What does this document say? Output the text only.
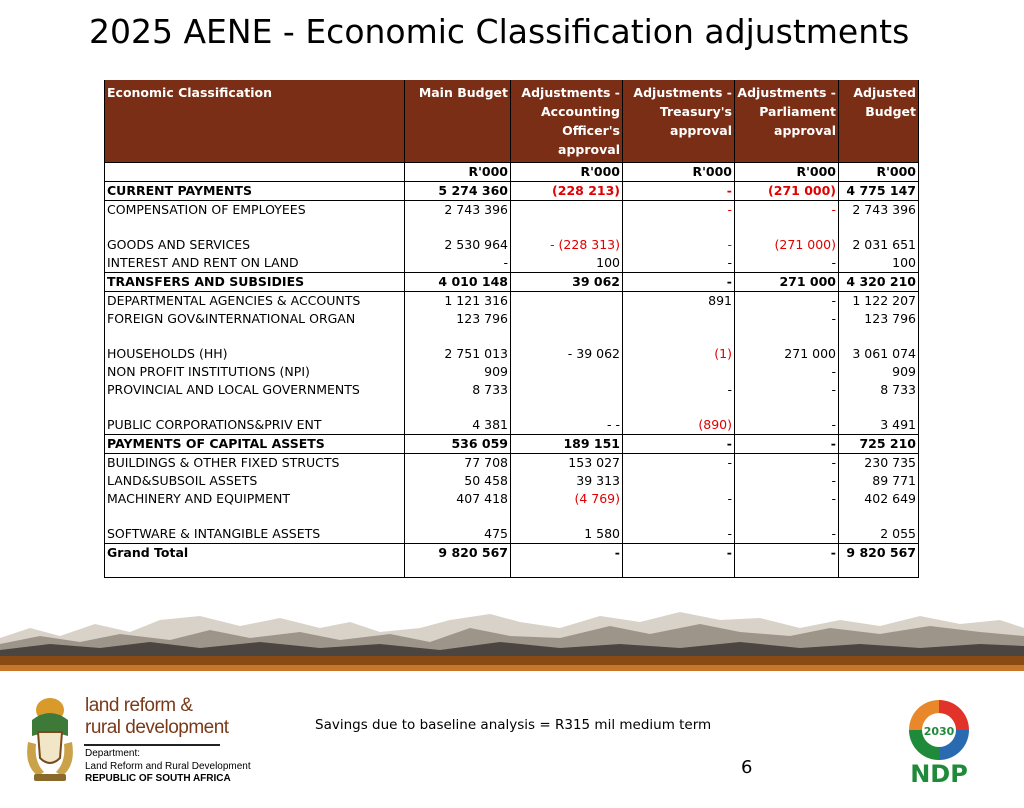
2025 AENE - Economic Classification adjustments
Economic Classification	Main Budget	Adjustments - Accounting Officer's approval	Adjustments - Treasury's approval	Adjustments - Parliament approval	Adjusted Budget
	R'000	R'000	R'000	R'000	R'000
CURRENT PAYMENTS	5 274 360	(228 213)	-	(271 000)	4 775 147
COMPENSATION OF EMPLOYEES	2 743 396		-	-	2 743 396
GOODS AND SERVICES	2 530 964	- (228 313)	-	(271 000)	2 031 651
INTEREST AND RENT ON LAND	-	100	-	-	100
TRANSFERS AND SUBSIDIES	4 010 148	39 062	-	271 000	4 320 210
DEPARTMENTAL AGENCIES & ACCOUNTS	1 121 316		891	-	1 122 207
FOREIGN GOV&INTERNATIONAL ORGAN	123 796			-	123 796
HOUSEHOLDS (HH)	2 751 013	- 39 062	(1)	271 000	3 061 074
NON PROFIT INSTITUTIONS (NPI)	909			-	909
PROVINCIAL AND LOCAL GOVERNMENTS	8 733		-	-	8 733
PUBLIC CORPORATIONS&PRIV ENT	4 381	- -	(890)	-	3 491
PAYMENTS OF CAPITAL ASSETS	536 059	189 151	-	-	725 210
BUILDINGS & OTHER FIXED STRUCTS	77 708	153 027	-	-	230 735
LAND&SUBSOIL ASSETS	50 458	39 313		-	89 771
MACHINERY AND EQUIPMENT	407 418	(4 769)	-	-	402 649
SOFTWARE & INTANGIBLE ASSETS	475	1 580	-	-	2 055
Grand Total	9 820 567	-	-	-	9 820 567
land reform &
rural development
Department:
Land Reform and Rural Development
REPUBLIC OF SOUTH AFRICA
Savings due to baseline analysis = R315 mil medium term
6
2030
NDP
